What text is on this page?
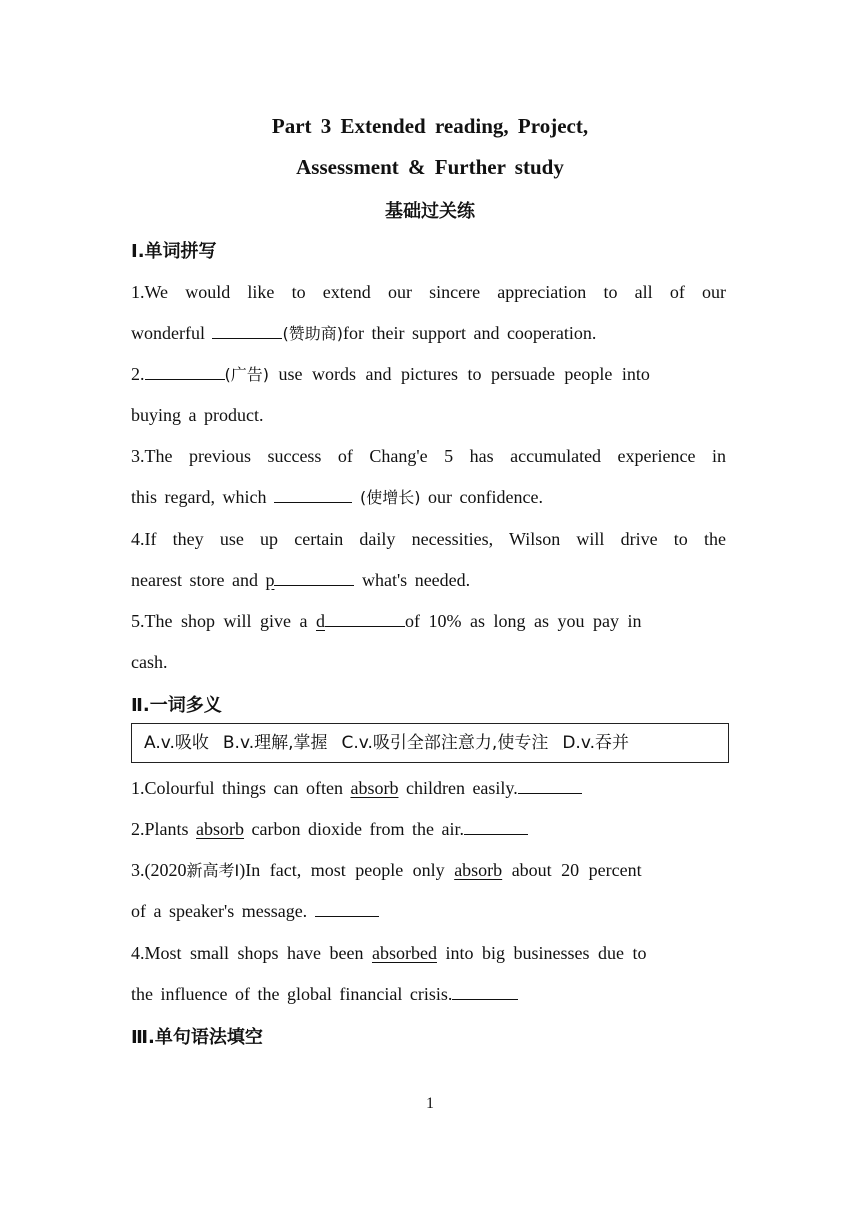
Part 3 Extended reading, Project,
Assessment & Further study
基础过关练
Ⅰ.单词拼写
1.We would like to extend our sincere appreciation to all of our
wonderful	(赞助商)for their support and cooperation.
2.	(广告) use words and pictures to persuade people into
buying a product.
3.The previous success of Chang'e 5 has accumulated experience in
this regard, which	(使增长) our confidence.
4.If they use up certain daily necessities, Wilson will drive to the
nearest store and p	what's needed.
5.The shop will give a d	of 10% as long as you pay in
cash.
Ⅱ.一词多义
A.v.吸收 B.v.理解,掌握 C.v.吸引全部注意力,使专注 D.v.吞并
1.Colourful things can often absorb children easily.
2.Plants absorb carbon dioxide from the air.
3.(2020新高考Ⅰ)In fact, most people only absorb about 20 percent
of a speaker's message.
4.Most small shops have been absorbed into big businesses due to
the influence of the global financial crisis.
Ⅲ.单句语法填空
1
